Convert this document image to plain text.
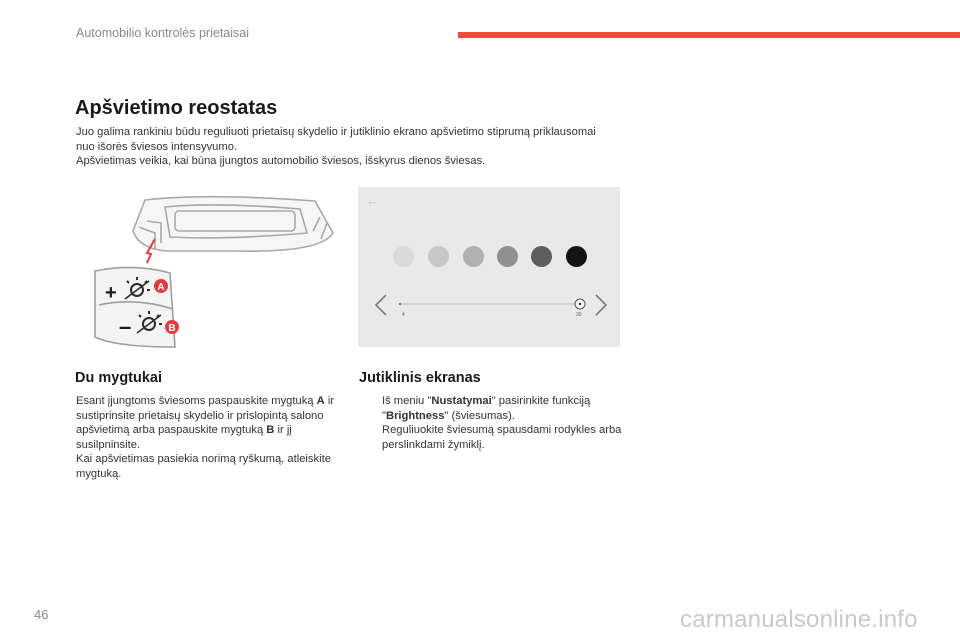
Automobilio kontrolės prietaisai
Apšvietimo reostatas

Juo galima rankiniu būdu reguliuoti prietaisų skydelio ir jutiklinio ekrano apšvietimo stiprumą priklausomai nuo išorės šviesos intensyvumo.

Apšvietimas veikia, kai būna įjungtos automobilio šviesos, išskyrus dienos šviesas.

+
–
A
B
←
4	30
Du mygtukai

Esant įjungtoms šviesoms paspauskite mygtuką A ir sustiprinsite prietaisų skydelio ir prislopintą salono apšvietimą arba paspauskite mygtuką B ir jį susilpninsite.

Kai apšvietimas pasiekia norimą ryškumą, atleiskite mygtuką.

Jutiklinis ekranas
Iš meniu "Nustatymai" pasirinkite funkciją "Brightness" (šviesumas).
Reguliuokite šviesumą spausdami rodykles arba perslinkdami žymiklį.
46	carmanualsonline.info
